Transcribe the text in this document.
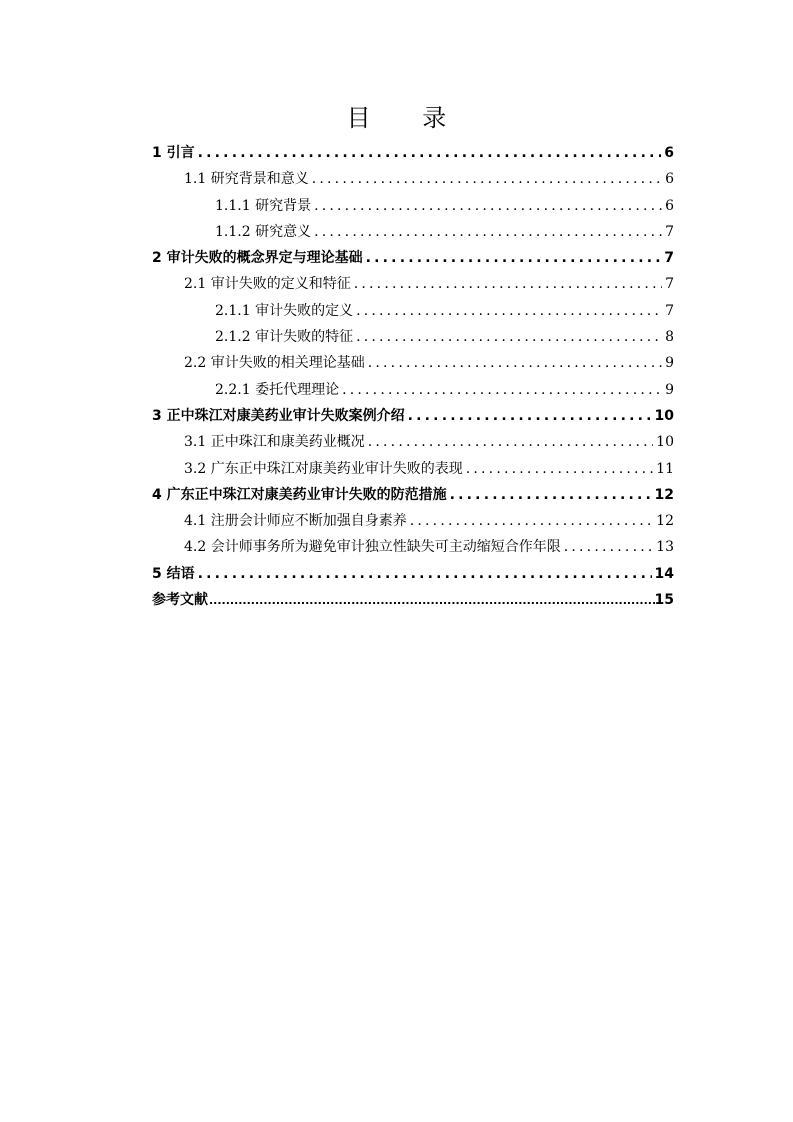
目 录
1 引言 .....	6
1.1 研究背景和意义 .....	6
1.1.1 研究背景 .....	6
1.1.2 研究意义 .....	7
2 审计失败的概念界定与理论基础 .....	7
2.1 审计失败的定义和特征 .....	7
2.1.1 审计失败的定义 .....	7
2.1.2 审计失败的特征 .....	8
2.2 审计失败的相关理论基础 .....	9
2.2.1 委托代理理论 .....	9
3 正中珠江对康美药业审计失败案例介绍 .....	10
3.1 正中珠江和康美药业概况 .....	10
3.2 广东正中珠江对康美药业审计失败的表现 .....	11
4 广东正中珠江对康美药业审计失败的防范措施 .....	12
4.1 注册会计师应不断加强自身素养 .....	12
4.2 会计师事务所为避免审计独立性缺失可主动缩短合作年限 .....	13
5 结语 .....	14
参考文献 .....	15
